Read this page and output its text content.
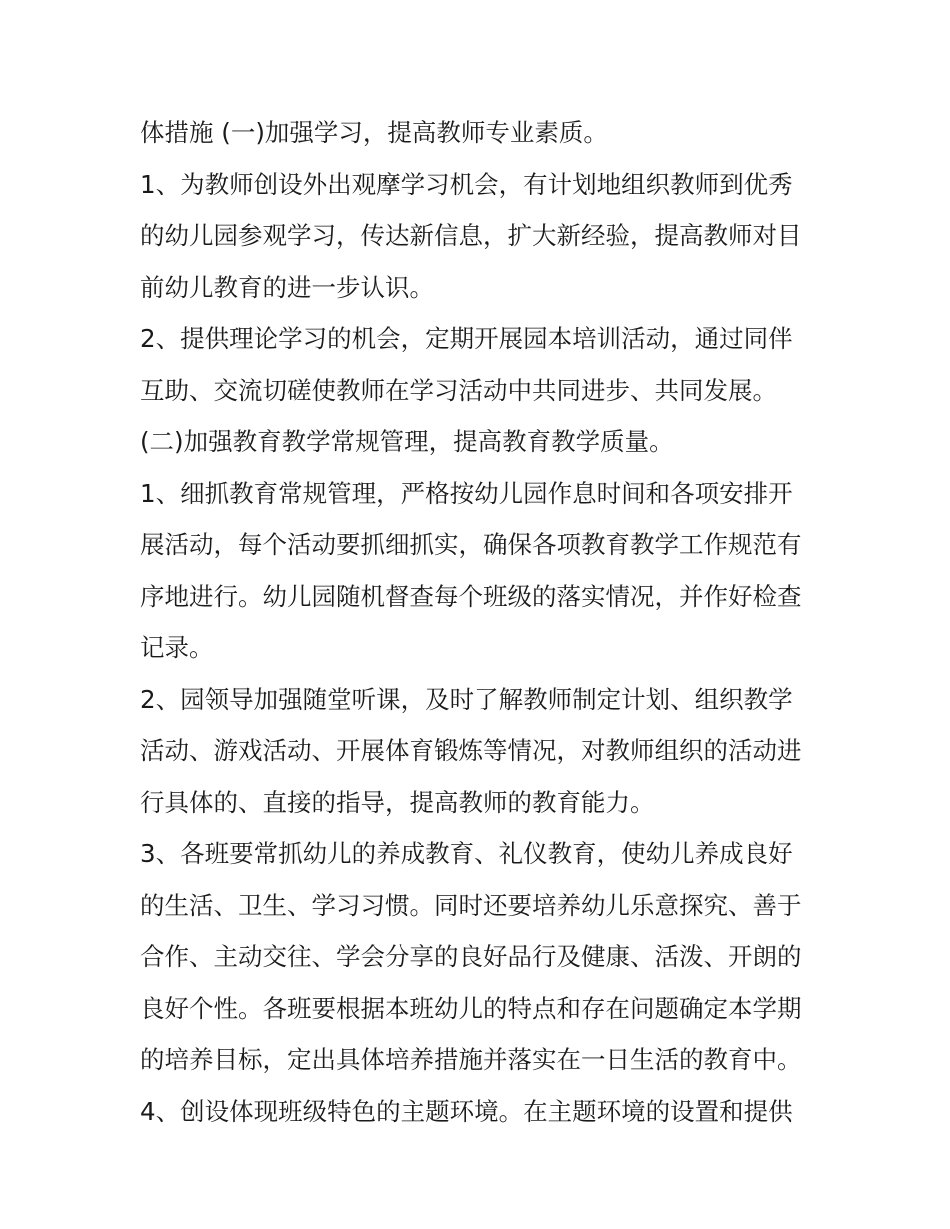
体措施 (一)加强学习，提高教师专业素质。
1、为教师创设外出观摩学习机会，有计划地组织教师到优秀
的幼儿园参观学习，传达新信息，扩大新经验，提高教师对目
前幼儿教育的进一步认识。
2、提供理论学习的机会，定期开展园本培训活动，通过同伴
互助、交流切磋使教师在学习活动中共同进步、共同发展。
(二)加强教育教学常规管理，提高教育教学质量。
1、细抓教育常规管理，严格按幼儿园作息时间和各项安排开
展活动，每个活动要抓细抓实，确保各项教育教学工作规范有
序地进行。幼儿园随机督查每个班级的落实情况，并作好检查
记录。
2、园领导加强随堂听课，及时了解教师制定计划、组织教学
活动、游戏活动、开展体育锻炼等情况，对教师组织的活动进
行具体的、直接的指导，提高教师的教育能力。
3、各班要常抓幼儿的养成教育、礼仪教育，使幼儿养成良好
的生活、卫生、学习习惯。同时还要培养幼儿乐意探究、善于
合作、主动交往、学会分享的良好品行及健康、活泼、开朗的
良好个性。各班要根据本班幼儿的特点和存在问题确定本学期
的培养目标，定出具体培养措施并落实在一日生活的教育中。
4、创设体现班级特色的主题环境。在主题环境的设置和提供
